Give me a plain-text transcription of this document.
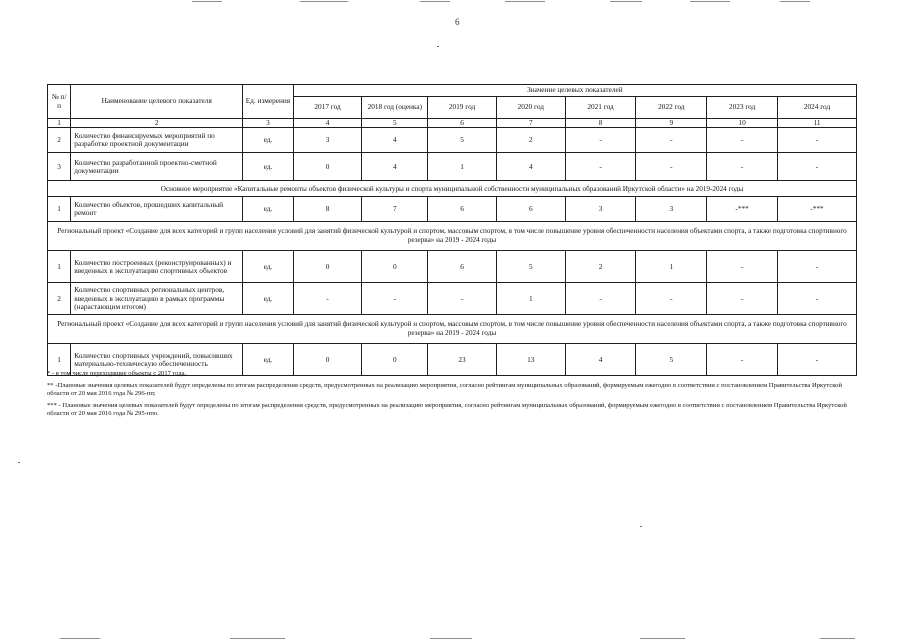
6
№ п/п	Наименование целевого показателя	Ед. измерения	Значение целевых показателей							
			2017 год	2018 год (оценка)	2019 год	2020 год	2021 год	2022 год	2023 год	2024 год
1	2	3	4	5	6	7	8	9	10	11
2	Количество финансируемых мероприятий по разработке проектной документации	ед.	3	4	5	2	-	-	-	-
3	Количество разработанной проектно-сметной документации	ед.	0	4	1	4	-	-	-	-
Основное мероприятие «Капитальные ремонты объектов физической культуры и спорта муниципальной собственности муниципальных образований Иркутской области» на 2019-2024 годы										
1	Количество объектов, прошедших капитальный ремонт	ед.	8	7	6	6	3	3	-***	-***
Региональный проект «Создание для всех категорий и групп населения условий для занятий физической культурой и спортом, массовым спортом, в том числе повышение уровня обеспеченности населения объектами спорта, а также подготовка спортивного резерва» на 2019 - 2024 годы										
1	Количество построенных (реконструированных) и введенных в эксплуатацию спортивных объектов	ед.	0	0	6	5	2	1	-	-
2	Количество спортивных региональных центров, введенных в эксплуатацию в рамках программы (нарастающим итогом)	ед.	-	-	-	1	-	-	-	-
Региональный проект «Создание для всех категорий и групп населения условий для занятий физической культурой и спортом, массовым спортом, в том числе повышение уровня обеспеченности населения объектами спорта, а также подготовка спортивного резерва» на 2019 - 2024 годы										
1	Количество спортивных учреждений, повысивших материально-техническую обеспеченность	ед.	0	0	23	13	4	5	-	-

* - в том числе переходящие объекты с 2017 года.

** -Плановые значения целевых показателей будут определены по итогам распределения средств, предусмотренных на реализацию мероприятия, согласно рейтингам муниципальных образований, формируемым ежегодно в соответствии с постановлением Правительства Иркутской области от 20 мая 2016 года № 296-пп;

*** - Плановые значения целевых показателей будут определены по итогам распределения средств, предусмотренных на реализацию мероприятия, согласно рейтингам муниципальных образований, формируемым ежегодно в соответствии с постановлением Правительства Иркутской области от 20 мая 2016 года № 295-ппо.
